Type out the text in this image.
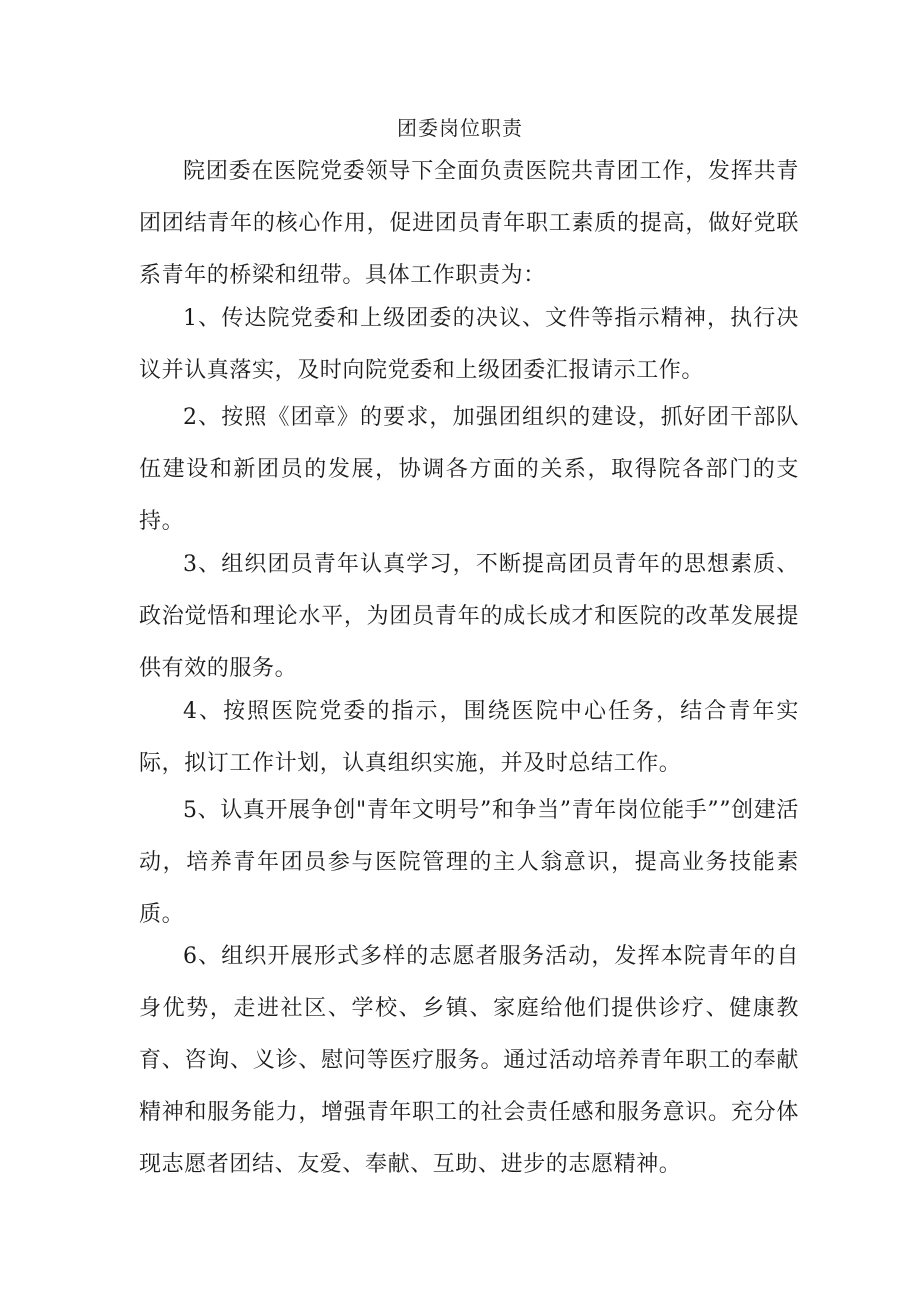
团委岗位职责

院团委在医院党委领导下全面负责医院共青团工作，发挥共青团团结青年的核心作用，促进团员青年职工素质的提高，做好党联系青年的桥梁和纽带。具体工作职责为：

1、传达院党委和上级团委的决议、文件等指示精神，执行决议并认真落实，及时向院党委和上级团委汇报请示工作。

2、按照《团章》的要求，加强团组织的建设，抓好团干部队伍建设和新团员的发展，协调各方面的关系，取得院各部门的支持。

3、组织团员青年认真学习，不断提高团员青年的思想素质、政治觉悟和理论水平，为团员青年的成长成才和医院的改革发展提供有效的服务。

4、按照医院党委的指示，围绕医院中心任务，结合青年实际，拟订工作计划，认真组织实施，并及时总结工作。

5、认真开展争创"青年文明号”和争当”青年岗位能手””创建活动，培养青年团员参与医院管理的主人翁意识，提高业务技能素质。

6、组织开展形式多样的志愿者服务活动，发挥本院青年的自身优势，走进社区、学校、乡镇、家庭给他们提供诊疗、健康教育、咨询、义诊、慰问等医疗服务。通过活动培养青年职工的奉献精神和服务能力，增强青年职工的社会责任感和服务意识。充分体现志愿者团结、友爱、奉献、互助、进步的志愿精神。
